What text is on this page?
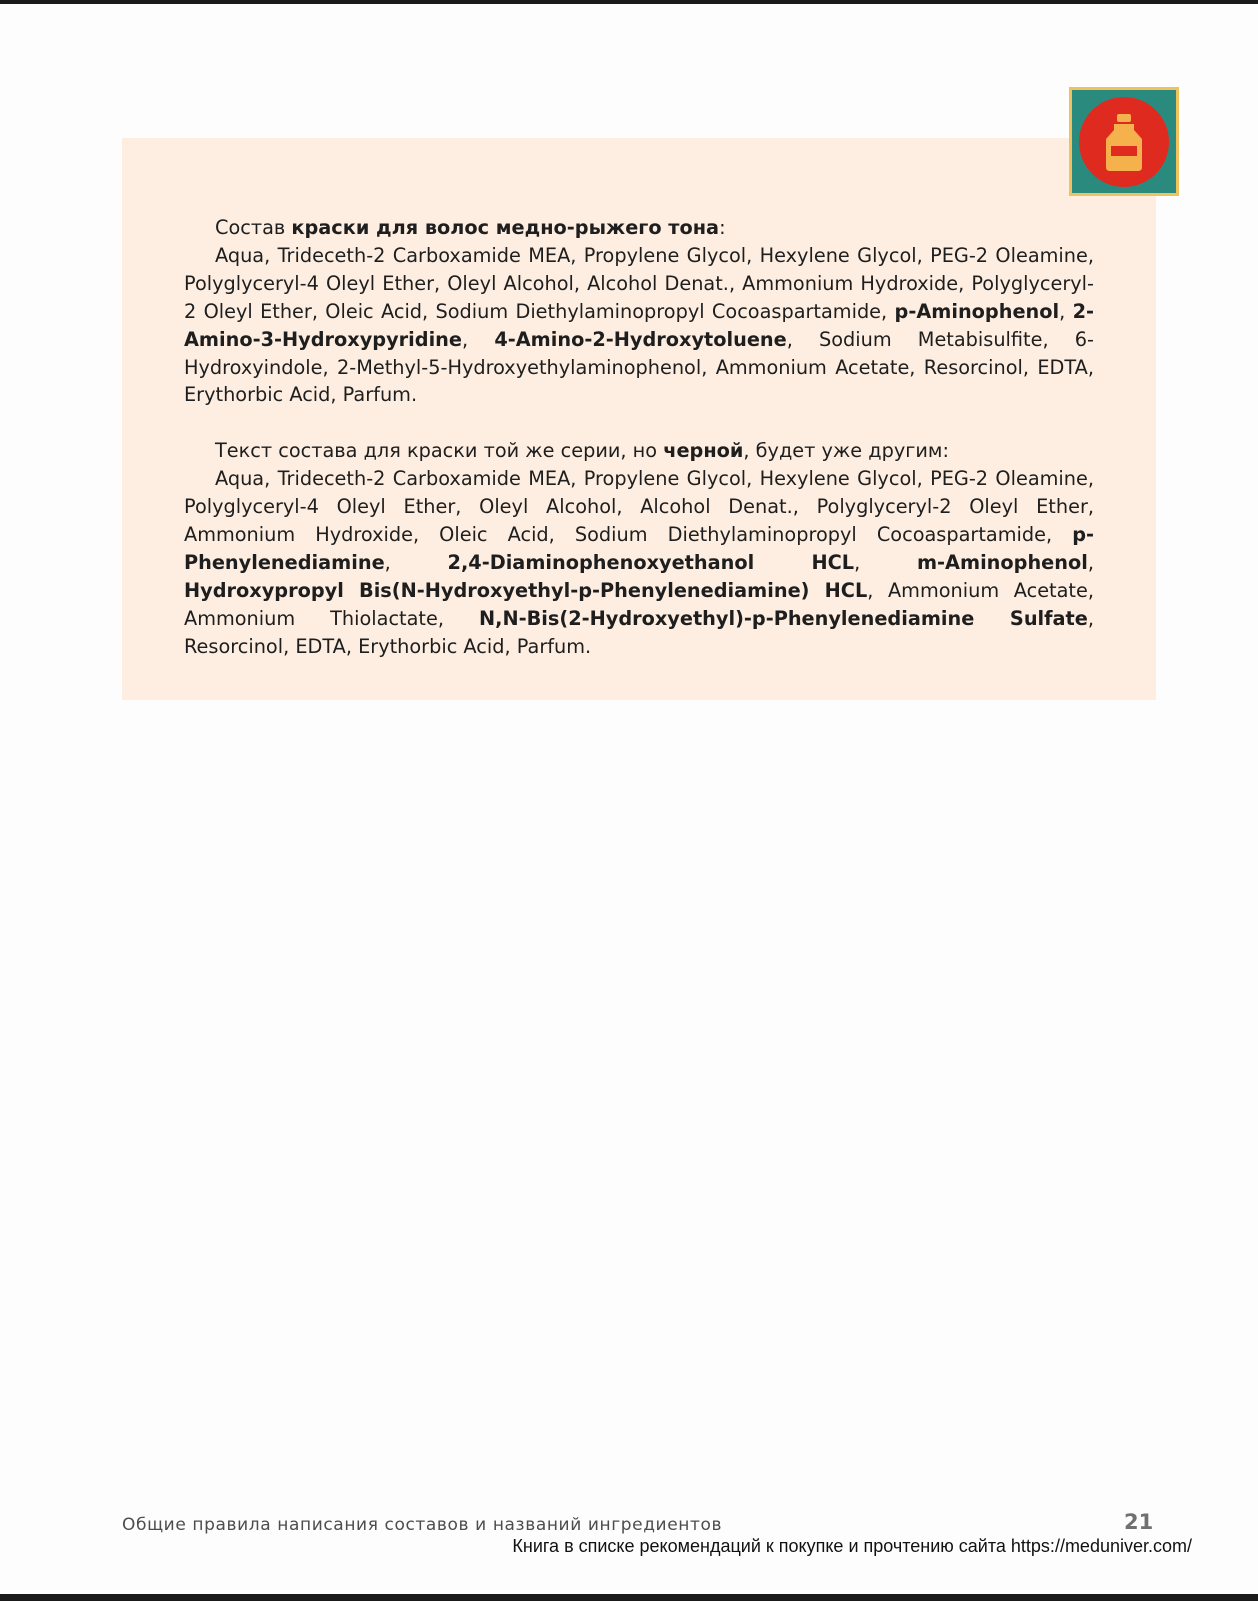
Состав краски для волос медно-рыжего тона:

Aqua, Trideceth-2 Carboxamide MEA, Propylene Glycol, Hexylene Glycol, PEG-2 Oleamine, Polyglyceryl-4 Oleyl Ether, Oleyl Alcohol, Alcohol Denat., Ammonium Hydroxide, Polyglyceryl-2 Oleyl Ether, Oleic Acid, Sodium Diethylaminopropyl Cocoaspartamide, p-Aminophenol, 2-Amino-3-Hydroxypyridine, 4-Amino-2-Hydroxytoluene, Sodium Metabisulfite, 6-Hydroxyindole, 2-Methyl-5-Hydroxyethylaminophenol, Ammonium Acetate, Resorcinol, EDTA, Erythorbic Acid, Parfum.

Текст состава для краски той же серии, но черной, будет уже другим:

Aqua, Trideceth-2 Carboxamide MEA, Propylene Glycol, Hexylene Glycol, PEG-2 Oleamine, Polyglyceryl-4 Oleyl Ether, Oleyl Alcohol, Alcohol Denat., Polyglyceryl-2 Oleyl Ether, Ammonium Hydroxide, Oleic Acid, Sodium Diethylaminopropyl Cocoaspartamide, p-Phenylenediamine, 2,4-Diaminophenoxyethanol HCL, m-Aminophenol, Hydroxypropyl Bis(N-Hydroxyethyl-p-Phenylenediamine) HCL, Ammonium Acetate, Ammonium Thiolactate, N,N-Bis(2-Hydroxyethyl)-p-Phenylenediamine Sulfate, Resorcinol, EDTA, Erythorbic Acid, Parfum.

Общие правила написания составов и названий ингредиентов	21
Книга в списке рекомендаций к покупке и прочтению сайта https://meduniver.com/
